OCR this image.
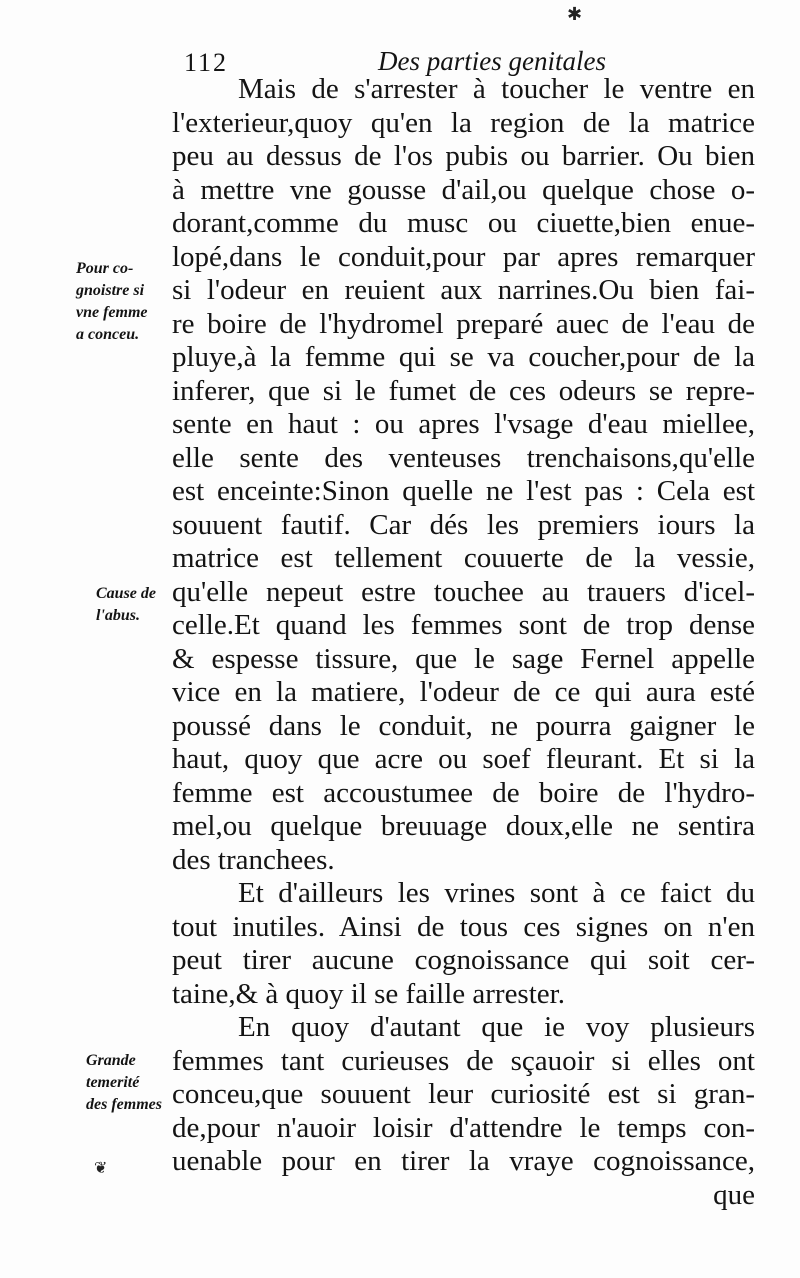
✱
112	Des parties genitales
Mais de s'arrester à toucher le ventre en
l'exterieur,quoy qu'en la region de la matrice
peu au dessus de l'os pubis ou barrier. Ou bien
à mettre vne gousse d'ail,ou quelque chose o-
dorant,comme du musc ou ciuette,bien enue-
lopé,dans le conduit,pour par apres remarquer
si l'odeur en reuient aux narrines.Ou bien fai-
re boire de l'hydromel preparé auec de l'eau de
pluye,à la femme qui se va coucher,pour de la
inferer, que si le fumet de ces odeurs se repre-
sente en haut : ou apres l'vsage d'eau miellee,
elle sente des venteuses trenchaisons,qu'elle
est enceinte:Sinon quelle ne l'est pas : Cela est
souuent fautif. Car dés les premiers iours la
matrice est tellement couuerte de la vessie,
qu'elle nepeut estre touchee au trauers d'icel-
celle.Et quand les femmes sont de trop dense
& espesse tissure, que le sage Fernel appelle
vice en la matiere, l'odeur de ce qui aura esté
poussé dans le conduit, ne pourra gaigner le
haut, quoy que acre ou soef fleurant. Et si la
femme est accoustumee de boire de l'hydro-
mel,ou quelque breuuage doux,elle ne sentira
des tranchees.
Et d'ailleurs les vrines sont à ce faict du
tout inutiles. Ainsi de tous ces signes on n'en
peut tirer aucune cognoissance qui soit cer-
taine,& à quoy il se faille arrester.
En quoy d'autant que ie voy plusieurs
femmes tant curieuses de sçauoir si elles ont
conceu,que souuent leur curiosité est si gran-
de,pour n'auoir loisir d'attendre le temps con-
uenable pour en tirer la vraye cognoissance,
que
Pour co-
gnoistre si
vne femme
a conceu.
Cause de
l'abus.
Grande
temerité
des femmes
❦
